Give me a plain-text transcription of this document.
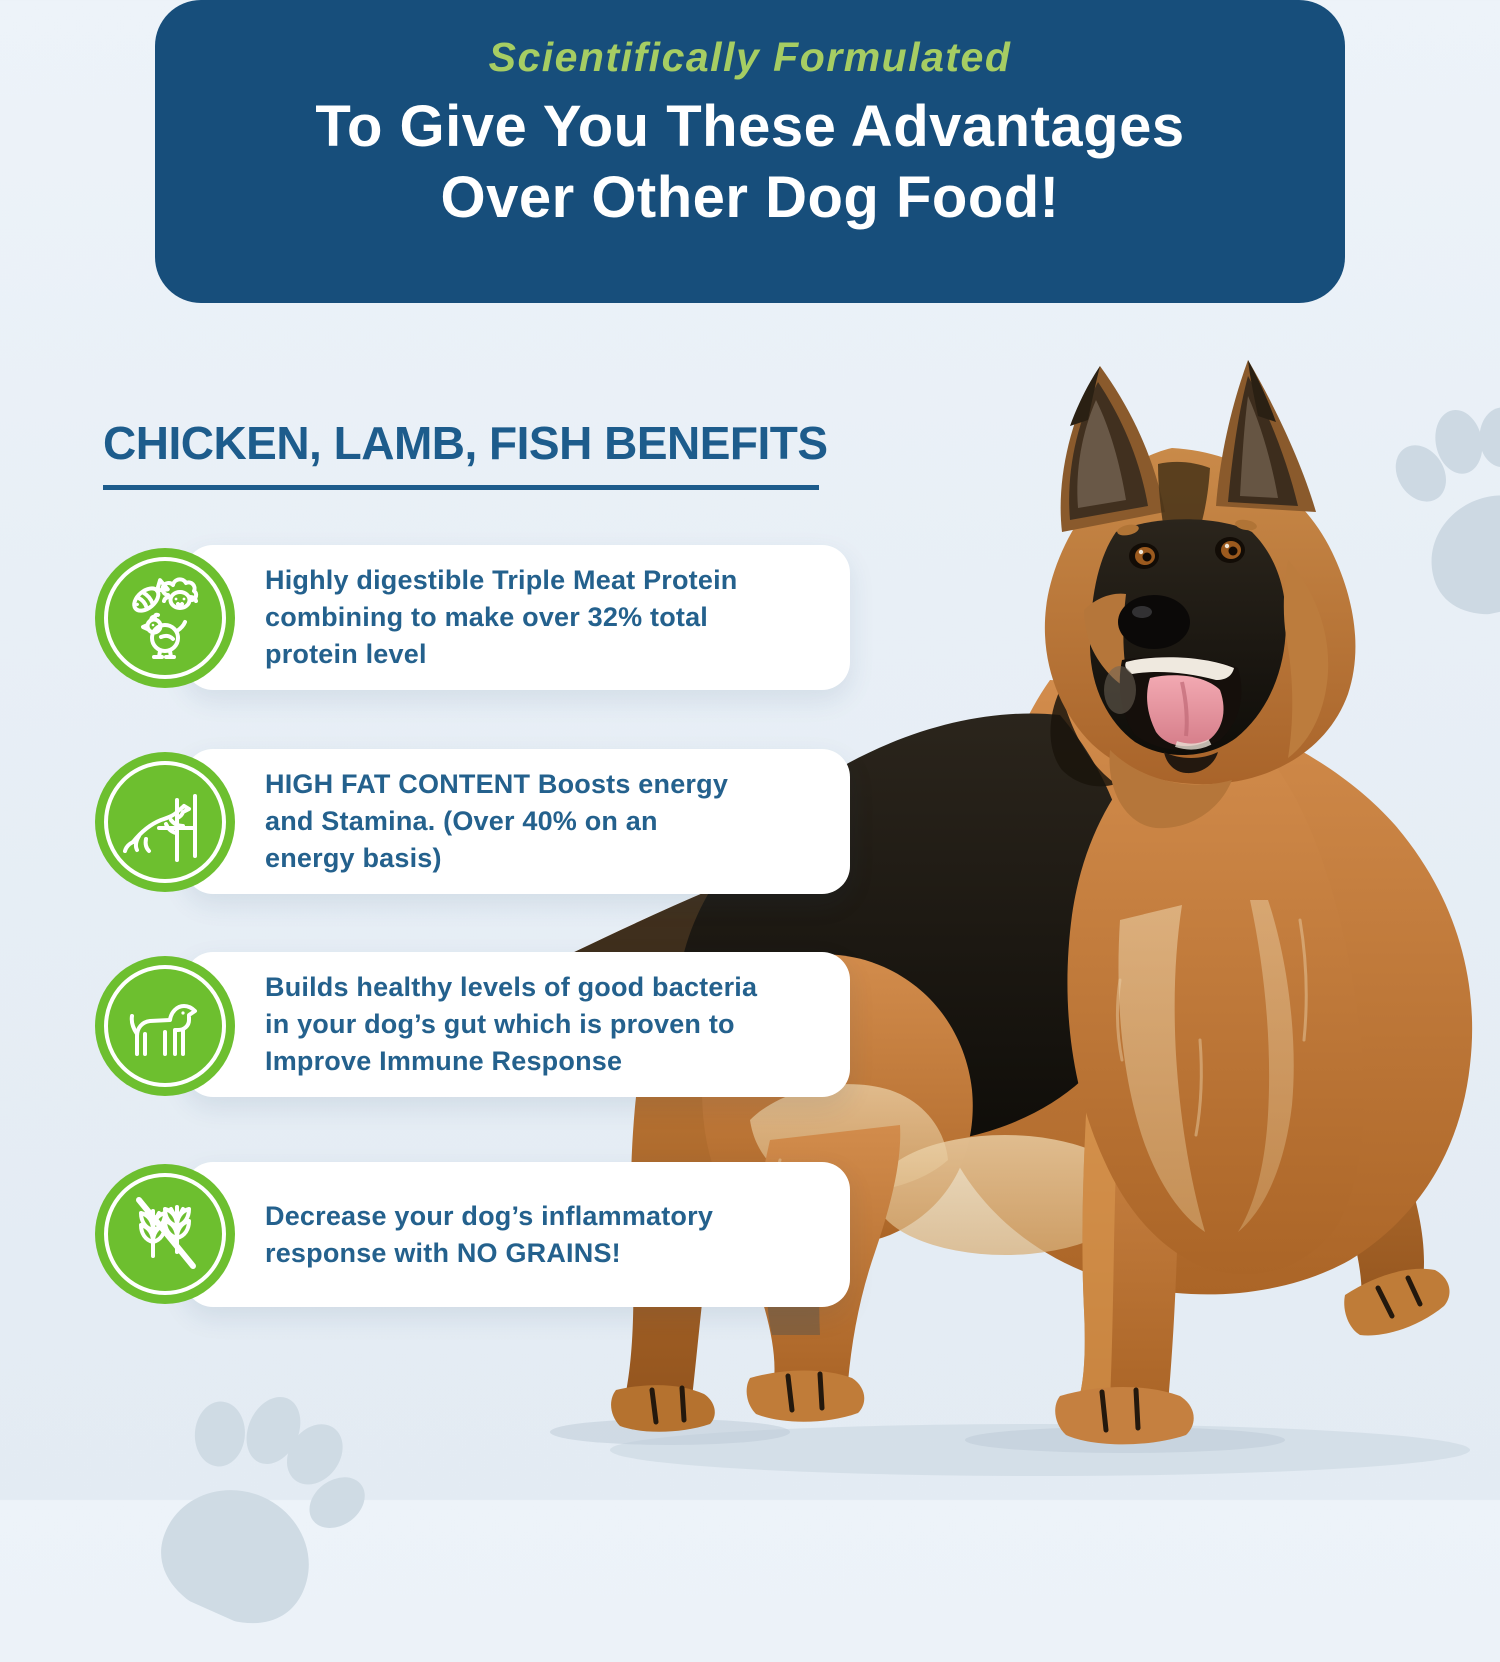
Scientifically Formulated
To Give You These Advantages
Over Other Dog Food!
CHICKEN, LAMB, FISH BENEFITS
Highly digestible Triple Meat Protein
combining to make over 32% total
protein level
HIGH FAT CONTENT Boosts energy
and Stamina. (Over 40% on an
energy basis)
Builds healthy levels of good bacteria
in your dog’s gut which is proven to
Improve Immune Response
Decrease your dog’s inflammatory
response with NO GRAINS!
